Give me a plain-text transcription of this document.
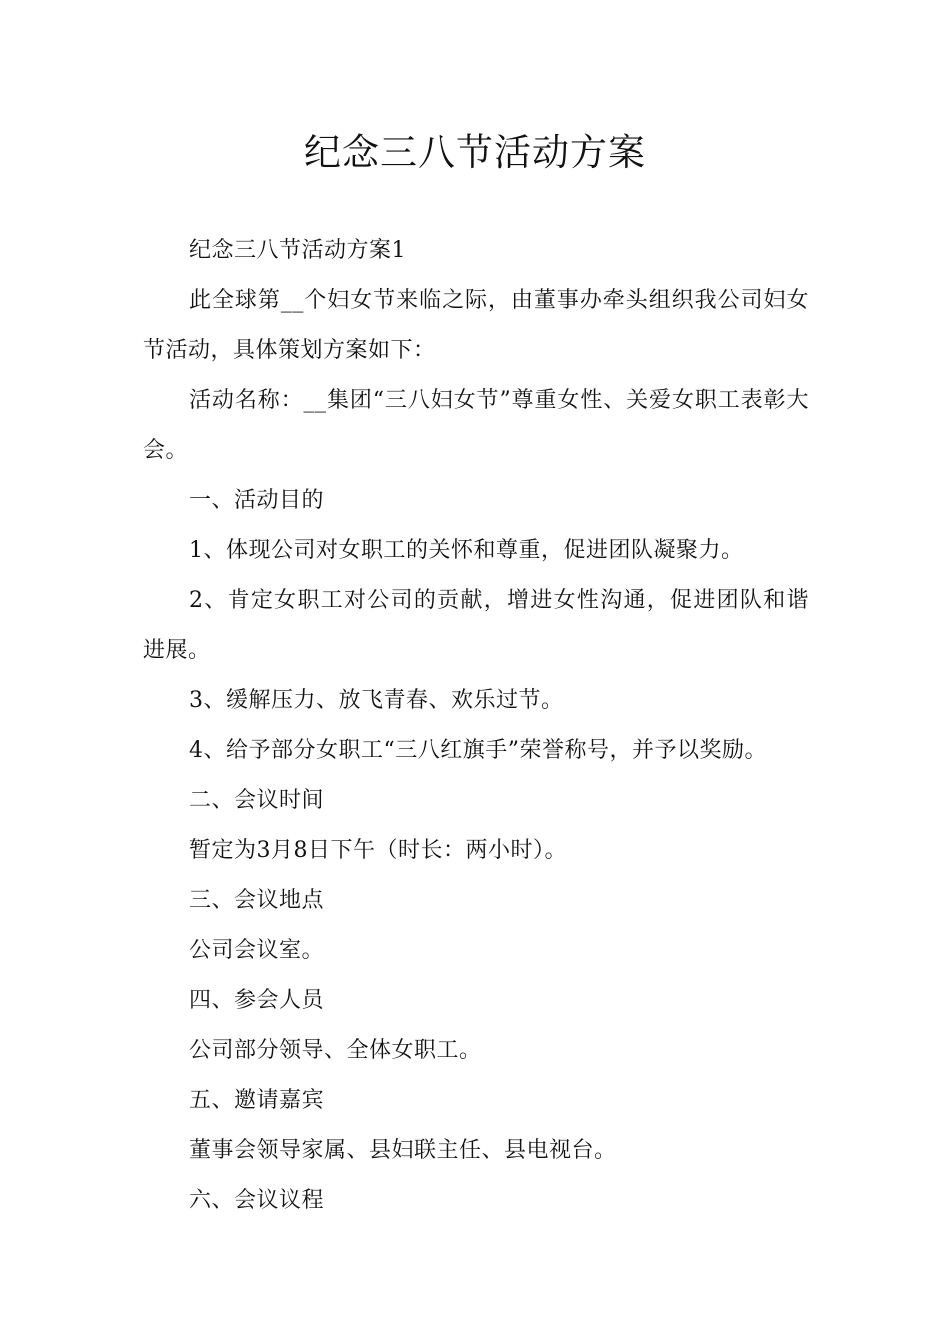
纪念三八节活动方案

纪念三八节活动方案1

此全球第__个妇女节来临之际，由董事办牵头组织我公司妇女节活动，具体策划方案如下：

活动名称：__集团“三八妇女节”尊重女性、关爱女职工表彰大会。

一、活动目的

1、体现公司对女职工的关怀和尊重，促进团队凝聚力。

2、肯定女职工对公司的贡献，增进女性沟通，促进团队和谐进展。

3、缓解压力、放飞青春、欢乐过节。

4、给予部分女职工“三八红旗手”荣誉称号，并予以奖励。

二、会议时间

暂定为3月8日下午（时长：两小时）。

三、会议地点

公司会议室。

四、参会人员

公司部分领导、全体女职工。

五、邀请嘉宾

董事会领导家属、县妇联主任、县电视台。

六、会议议程
